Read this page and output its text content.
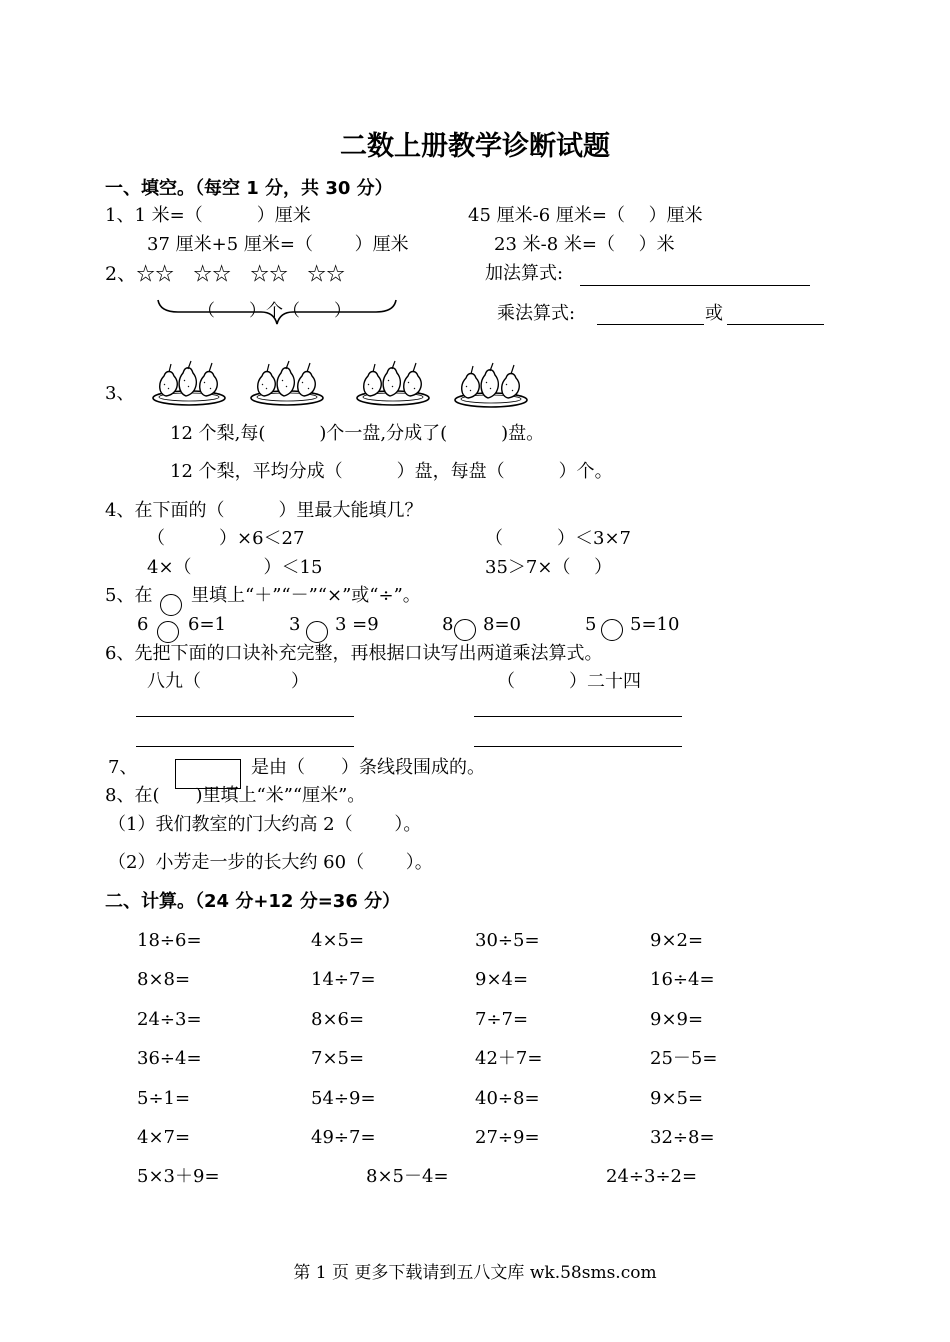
二数上册教学诊断试题
一、填空。（每空 1 分，共 30 分）
1、1 米=（　　　）厘米	45 厘米-6 厘米=（　 ）厘米
37 厘米+5 厘米=（　　 ）厘米	23 米-8 米=（　 ）米
2、☆☆　☆☆　☆☆　☆☆
（　　）个（　　）
加法算式:
乘法算式:	或
3、
12 个梨,每(　　　)个一盘,分成了(　　　)盘。
12 个梨，平均分成（　　　）盘，每盘（　　　）个。
4、在下面的（　　　）里最大能填几？
（　　　）×6＜27	（　　　）＜3×7
4×（　　　　）＜15	35＞7×（　 ）
5、在 里填上“＋”“－”“×”或“÷”。
6 6=1	3 3 =9	8 8=0	5 5=10
6、先把下面的口诀补充完整，再根据口诀写出两道乘法算式。
八九（　　　　　）	（　　　）二十四
7、	是由（　　）条线段围成的。
8、在(　　)里填上“米”“厘米”。
（1）我们教室的门大约高 2（　　 ）。
（2）小芳走一步的长大约 60（　　 ）。
二、计算。（24 分+12 分=36 分）
18÷6=	4×5=	30÷5=	9×2=
8×8=	14÷7=	9×4=	16÷4=
24÷3=	8×6=	7÷7=	9×9=
36÷4=	7×5=	42＋7=	25－5=
5÷1=	54÷9=	40÷8=	9×5=
4×7=	49÷7=	27÷9=	32÷8=
5×3＋9=	8×5－4=	24÷3÷2=
第 1 页 更多下载请到五八文库 wk.58sms.com
